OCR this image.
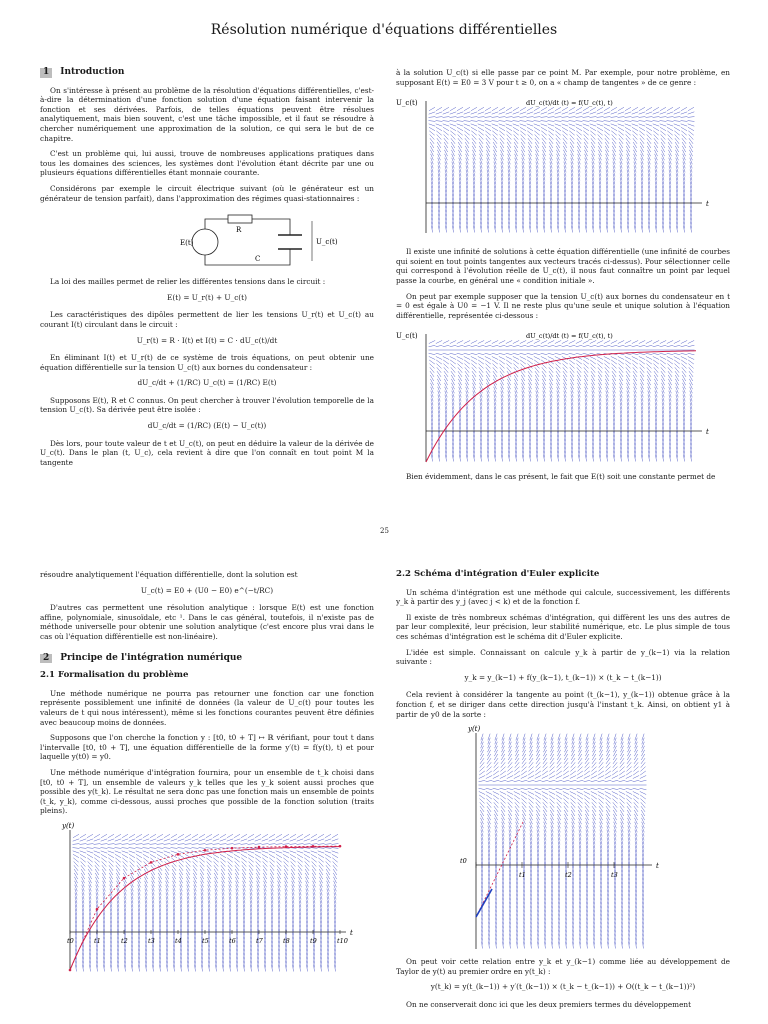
Résolution numérique d'équations différentielles
1 Introduction

On s'intéresse à présent au problème de la résolution d'équations différentielles, c'est-à-dire la détermination d'une fonction solution d'une équation faisant intervenir la fonction et ses dérivées. Parfois, de telles équations peuvent être résolues analytiquement, mais bien souvent, c'est une tâche impossible, et il faut se résoudre à chercher numériquement une approximation de la solution, ce qui sera le but de ce chapitre.

C'est un problème qui, lui aussi, trouve de nombreuses applications pratiques dans tous les domaines des sciences, les systèmes dont l'évolution étant décrite par une ou plusieurs équations différentielles étant monnaie courante.

Considérons par exemple le circuit électrique suivant (où le générateur est un générateur de tension parfait), dans l'approximation des régimes quasi-stationnaires :

E(t)
R
C
U_c(t)

La loi des mailles permet de relier les différentes tensions dans le circuit :

E(t) = U_r(t) + U_c(t)

Les caractéristiques des dipôles permettent de lier les tensions U_r(t) et U_c(t) au courant I(t) circulant dans le circuit :

U_r(t) = R · I(t) et I(t) = C · dU_c(t)/dt

En éliminant I(t) et U_r(t) de ce système de trois équations, on peut obtenir une équation différentielle sur la tension U_c(t) aux bornes du condensateur :

dU_c/dt + (1/RC) U_c(t) = (1/RC) E(t)

Supposons E(t), R et C connus. On peut chercher à trouver l'évolution temporelle de la tension U_c(t). Sa dérivée peut être isolée :

dU_c/dt = (1/RC) (E(t) − U_c(t))

Dès lors, pour toute valeur de t et U_c(t), on peut en déduire la valeur de la dérivée de U_c(t). Dans le plan (t, U_c), cela revient à dire que l'on connaît en tout point M la tangente

à la solution U_c(t) si elle passe par ce point M. Par exemple, pour notre problème, en supposant E(t) = E0 = 3 V pour t ≥ 0, on a « champ de tangentes » de ce genre :

U_c(t)
t
dU_c(t)/dt (t) = f(U_c(t), t)

Il existe une infinité de solutions à cette équation différentielle (une infinité de courbes qui soient en tout points tangentes aux vecteurs tracés ci-dessus). Pour sélectionner celle qui correspond à l'évolution réelle de U_c(t), il nous faut connaître un point par lequel passe la courbe, en général une « condition initiale ».

On peut par exemple supposer que la tension U_c(t) aux bornes du condensateur en t = 0 est égale à U0 = −1 V. Il ne reste plus qu'une seule et unique solution à l'équation différentielle, représentée ci-dessous :

U_c(t)
t
dU_c(t)/dt (t) = f(U_c(t), t)

Bien évidemment, dans le cas présent, le fait que E(t) soit une constante permet de

25

résoudre analytiquement l'équation différentielle, dont la solution est

U_c(t) = E0 + (U0 − E0) e^(−t/RC)

D'autres cas permettent une résolution analytique : lorsque E(t) est une fonction affine, polynomiale, sinusoïdale, etc ¹. Dans le cas général, toutefois, il n'existe pas de méthode universelle pour obtenir une solution analytique (c'est encore plus vrai dans le cas où l'équation différentielle est non-linéaire).

2 Principe de l'intégration numérique
2.1 Formalisation du problème

Une méthode numérique ne pourra pas retourner une fonction car une fonction représente possiblement une infinité de données (la valeur de U_c(t) pour toutes les valeurs de t qui nous intéressent), même si les fonctions courantes peuvent être définies avec beaucoup moins de données.

Supposons que l'on cherche la fonction y : [t0, t0 + T] ↦ ℝ vérifiant, pour tout t dans l'intervalle [t0, t0 + T], une équation différentielle de la forme y′(t) = f(y(t), t) et pour laquelle y(t0) = y0.

Une méthode numérique d'intégration fournira, pour un ensemble de t_k choisi dans [t0, t0 + T], un ensemble de valeurs y_k telles que les y_k soient aussi proches que possible des y(t_k). Le résultat ne sera donc pas une fonction mais un ensemble de points (t_k, y_k), comme ci-dessous, aussi proches que possible de la fonction solution (traits pleins).

t0	t1	t2	t3	t4	t5	t6	t7	t8	t9	t10
y(t)
t
2.2 Schéma d'intégration d'Euler explicite

Un schéma d'intégration est une méthode qui calcule, successivement, les différents y_k à partir des y_j (avec j < k) et de la fonction f.

Il existe de très nombreux schémas d'intégration, qui diffèrent les uns des autres de par leur complexité, leur précision, leur stabilité numérique, etc. Le plus simple de tous ces schémas d'intégration est le schéma dit d'Euler explicite.

L'idée est simple. Connaissant on calcule y_k à partir de y_(k−1) via la relation suivante :

y_k = y_(k−1) + f(y_(k−1), t_(k−1)) × (t_k − t_(k−1))

Cela revient à considérer la tangente au point (t_(k−1), y_(k−1)) obtenue grâce à la fonction f, et se diriger dans cette direction jusqu'à l'instant t_k. Ainsi, on obtient y1 à partir de y0 de la sorte :

t0
t1	t2	t3
y(t)
t

On peut voir cette relation entre y_k et y_(k−1) comme liée au développement de Taylor de y(t) au premier ordre en y(t_k) :

y(t_k) = y(t_(k−1)) + y′(t_(k−1)) × (t_k − t_(k−1)) + O((t_k − t_(k−1))²)

On ne conserverait donc ici que les deux premiers termes du développement
